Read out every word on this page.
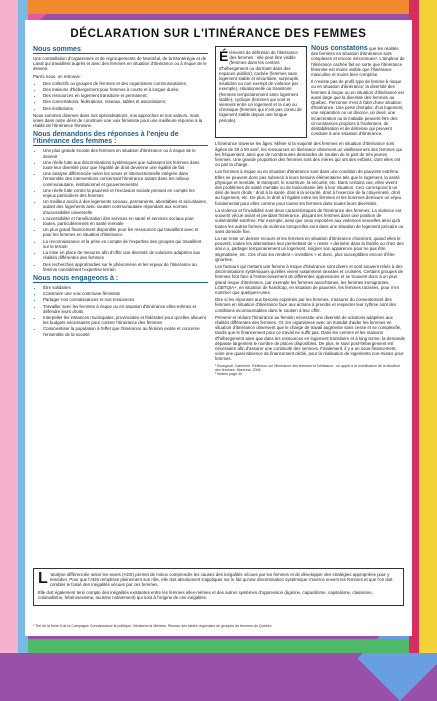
DÉCLARATION SUR L'ITINÉRANCE DES FEMMES
Nous sommes

Une constellation d'organismes et de regroupements de Montréal, de la Montérégie et de Laval qui travaillent auprès et avec des femmes en situation d'itinérance ou à risque de le devenir.

Parmi nous, on retrouve :

• Des collectifs ou groupes de femmes et des organismes communautaires;
• Des maisons d'hébergement pour femmes à courte et à longue durée;
• Des ressources en logement transitoire et permanent;
• Des concertations, fédérations, réseaux, tables et associations;
• Des institutions.

Nous sommes diverses dans nos spécialisations, nos approches et nos valeurs, mais unies dans notre désir de construire une voix féministe pour une meilleure réponse à la réalité de l'itinérance féminine.

Nous demandons des réponses à l'enjeu de l'itinérance des femmes :
• Une plus grande écoute des femmes en situation d'itinérance ou à risque de le devenir
• Une réelle lutte aux discriminations systémiques que subissent les femmes dans toute leur diversité pour que l'égalité de droit devienne une égalité de fait
• Une analyse différenciée selon les sexes et intersectionnelle intégrée dans l'ensemble des interventions concernant l'itinérance autant dans les milieux communautaire, institutionnel et gouvernemental
• Une réelle lutte contre la pauvreté et l'exclusion sociale prenant en compte les enjeux particuliers des femmes
• Un meilleur accès à des logements sociaux, permanents, abordables et sécuritaires, autant des logements avec soutien communautaire répondant aux normes d'accessibilité universelle
• L'accessibilité et l'amélioration des services en santé et services sociaux pour toutes, particulièrement en santé mentale
• Un plus grand financement disponible pour les ressources qui travaillent avec et pour les femmes en situation d'itinérance
• La reconnaissance et la prise en compte de l'expertise des groupes qui travaillent sur le terrain
• La mise en place de mesures afin d'offrir une diversité de solutions adaptées aux réalités différentes des femmes
• Des recherches approfondies sur le phénomène et les enjeux de l'itinérance au féminin considérant l'expertise terrain
Nous nous engageons à :
• Être solidaires
• Construire une voix commune féministe
• Partager nos connaissances et nos ressources
• Travailler avec les femmes à risque ou en situation d'itinérance elles-mêmes et défendre leurs droits
• Interpeller les instances municipales, provinciales et fédérales pour qu'elles allouent les budgets nécessaires pour contrer l'itinérance des femmes
• Conscientiser la population à l'effet que l'itinérance au féminin existe et concerne l'ensemble de la société
É léments de définition de l'itinérance des femmes : elle peut être visible (femmes dans les centres d'hébergement ou dormant dans des espaces publics), cachée (femmes sans logement stable et sécuritaire; surpeuplé, insalubre ou non exempt de violence par exemple), situationnelle ou transitoire (femmes temporairement sans logement stable), cyclique (femmes qui vont et viennent entre un logement et la rue) ou chronique (femmes qui n'ont pas connu de logement stable depuis une longue période).

Nous constatons que les réalités des femmes en situation d'itinérance sont complexes et encore méconnues¹. L'ampleur de l'itinérance cachée fait en sorte que l'itinérance féminine est moins visible que l'itinérance masculine et moins bien comprise.

Il n'existe pas de profil type de femme à risque ou en situation d'itinérance; la diversité des femmes à risque ou en situation d'itinérance est aussi large que la diversité des femmes au Québec. Personne n'est à l'abri d'une situation d'itinérance. Une perte d'emploi, d'un logement, une séparation ou un divorce, un deuil, une incarcération ou la maladie peuvent être des circonstances propices à l'isolement, de déstabilisation et de détresse qui peuvent conduire à une situation d'itinérance.

L'itinérance traverse les âges. Même si la majorité des femmes en situation d'itinérance sont âgées de 20 à 50 ans², les ressources en itinérance observent un vieillissement des femmes qui les fréquentent, ainsi que de nombreuses demandes de soutien de la part de très jeunes femmes. Une grande proportion des femmes sont des mères qui ont des enfants, dont elles ont ou pas la charge.

Les femmes à risque ou en situation d'itinérance sont dans une condition de pauvreté extrême. Elles ne peuvent donc pas subvenir à leurs besoins élémentaires tels que le logement, la santé physique et mentale, le transport, le nourriture, la sécurité, etc. Dans certains cas, elles vivent des problèmes de santé mentale ou de toxicomanie liés à leur situation. Ceci correspond à un déni de leurs droits : droit à la santé, droit à la sécurité, droit à l'exercice de la citoyenneté, droit au logement, etc. De plus, le droit à l'égalité entre les femmes et les hommes demeure un enjeu fondamental pour elles comme pour toutes les femmes dans toutes leurs diversités.

La violence et l'invisibilité sont deux caractéristiques de l'itinérance des femmes. La violence est souvent vécue avant et pendant l'itinérance, plaçant les femmes dans une position de vulnérabilité extrême. Par exemple, ainsi que ceux exposées aux violences sexuelles ainsi qu'à toutes les autres formes de violence lorsqu'elles sont dans une situation de logement précaire ou sans domicile fixe.

La rue reste un dernier recours et les femmes en situation d'itinérance choisiront, quand elles le peuvent, toutes les alternatives leur permettant de « rester » dernière dans la famille ou chez des ami.e.s, partager temporairement un logement, soigner son apparence pour ne pas être stigmatisée, etc. Ces choix les rendent « invisibles » et donc, plus susceptibles encore d'être ignorées.

Les facteurs qui mettent une femme à risque d'itinérance sont divers et sont souvent reliés à des discriminations systémiques qu'elles vivent notamment sexistes et croisées. Certains groupes de femmes font face à l'entrecroisement de différentes oppressions et se trouvent donc à un plus grand risque d'itinérance, par exemple les femmes autochtones, les femmes immigrantes, LGBTQIA+, en situation de handicap, en situation de pauvreté, les femmes racisées, pour n'en nommer que quelques-unes.

Dire si les réponses aux besoins exprimés par les femmes, s'assurer du consentement des femmes en situation d'itinérance face aux actions à prendre et respecter leur rythme sont des conditions incontournables dans le soutien à leur offrir.

Prévenir et réduire l'itinérance au féminin nécessite une diversité de solutions adaptées aux réalités différentes des femmes. Or, les organismes avec un mandat d'aider les femmes en situation d'itinérance observent que le charge de travail augmente sans cesse et se complexifie, tandis que le financement pour ce travail ne suffit pas. Dans les centres et les maisons d'hébergement ainsi que dans les ressources en logement transitoire et à long terme, la demande dépasse largement le nombre de places disponibles. De plus, le suivi post-hébergement est nécessaire afin d'assurer une continuité des services. Finalement, il y a un sous-financement, voire une quasi-absence de financement dédié, pour la réalisation de logements non-mixtes pour femmes.

¹ Bourgault, Catherine. Réflexion sur l'itinérance des femmes et l'utilisation : un appel à la mobilisation de la situation des femmes. Montréal, 2008
² Ibidem page 40
L 'analyse différenciée selon les sexes (ADS) permet de mieux comprendre les causes des inégalités vécues par les femmes et de développer des stratégies appropriées pour y remédier. Pour que l'ADS remplisse pleinement son rôle, elle doit absolument s'appliquer sur le fait qu'une discrimination systémique s'exerce envers les femmes et que l'on doit combler le fossé des inégalités vécues par ces femmes.

Elle doit également tenir compte des inégalités existantes entre les femmes elles-mêmes et des autres systèmes d'oppression (âgisme, capacitisme, capitalisme, classisme, colonialisme, hétérosexisme, racisme notamment) qui sont à l'origine de ces inégalités.

¹ Tiré de la fiche 8 de la Campagne Connaissance la politique, Hédaeme la Ministre, Réseau des tables régionales de groupes de femmes du Québec
